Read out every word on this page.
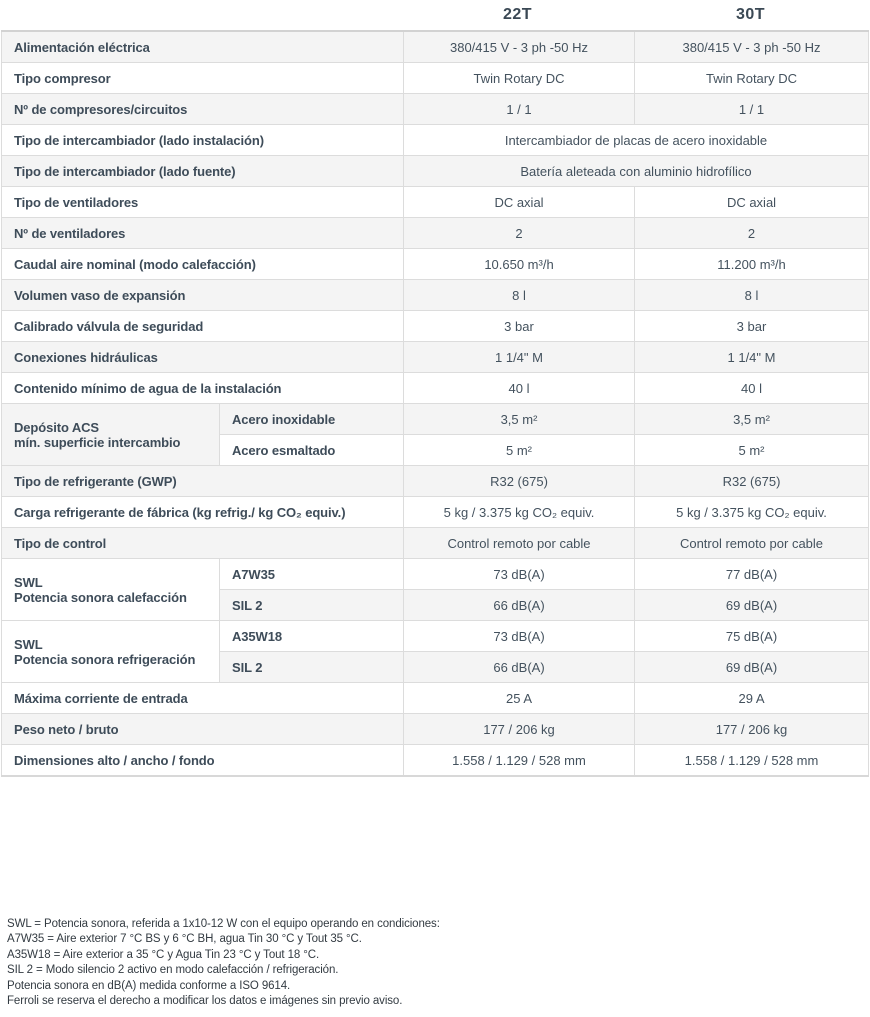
22T	30T
Alimentación eléctrica		380/415 V - 3 ph -50 Hz	380/415 V - 3 ph -50 Hz
Tipo compresor		Twin Rotary DC	Twin Rotary DC
Nº de compresores/circuitos		1 / 1	1 / 1
Tipo de intercambiador (lado instalación)		Intercambiador de placas de acero inoxidable	
Tipo de intercambiador (lado fuente)		Batería aleteada con aluminio hidrofílico	
Tipo de ventiladores		DC axial	DC axial
Nº de ventiladores		2	2
Caudal aire nominal (modo calefacción)		10.650 m³/h	11.200 m³/h
Volumen vaso de expansión		8 l	8 l
Calibrado válvula de seguridad		3 bar	3 bar
Conexiones hidráulicas		1 1/4" M	1 1/4" M
Contenido mínimo de agua de la instalación		40 l	40 l

Depósito ACS
mín. superficie intercambio	Acero inoxidable	3,5 m²	3,5 m²
	Acero esmaltado	5 m²	5 m²
Tipo de refrigerante (GWP)		R32 (675)	R32 (675)
Carga refrigerante de fábrica (kg refrig./ kg CO₂ equiv.)		5 kg / 3.375 kg CO₂ equiv.	5 kg / 3.375 kg CO₂ equiv.
Tipo de control		Control remoto por cable	Control remoto por cable

SWL
Potencia sonora calefacción	A7W35	73 dB(A)	77 dB(A)
	SIL 2	66 dB(A)	69 dB(A)

SWL
Potencia sonora refrigeración	A35W18	73 dB(A)	75 dB(A)
	SIL 2	66 dB(A)	69 dB(A)
Máxima corriente de entrada		25 A	29 A
Peso neto / bruto		177 / 206 kg	177 / 206 kg
Dimensiones alto / ancho / fondo		1.558 / 1.129 / 528 mm	1.558 / 1.129 / 528 mm
SWL = Potencia sonora, referida a 1x10-12 W con el equipo operando en condiciones:
A7W35 = Aire exterior 7 °C BS y 6 °C BH, agua Tin 30 °C y Tout 35 °C.
A35W18 = Aire exterior a 35 °C y Agua Tin 23 °C y Tout 18 °C.
SIL 2 = Modo silencio 2 activo en modo calefacción / refrigeración.
Potencia sonora en dB(A) medida conforme a ISO 9614.
Ferroli se reserva el derecho a modificar los datos e imágenes sin previo aviso.
